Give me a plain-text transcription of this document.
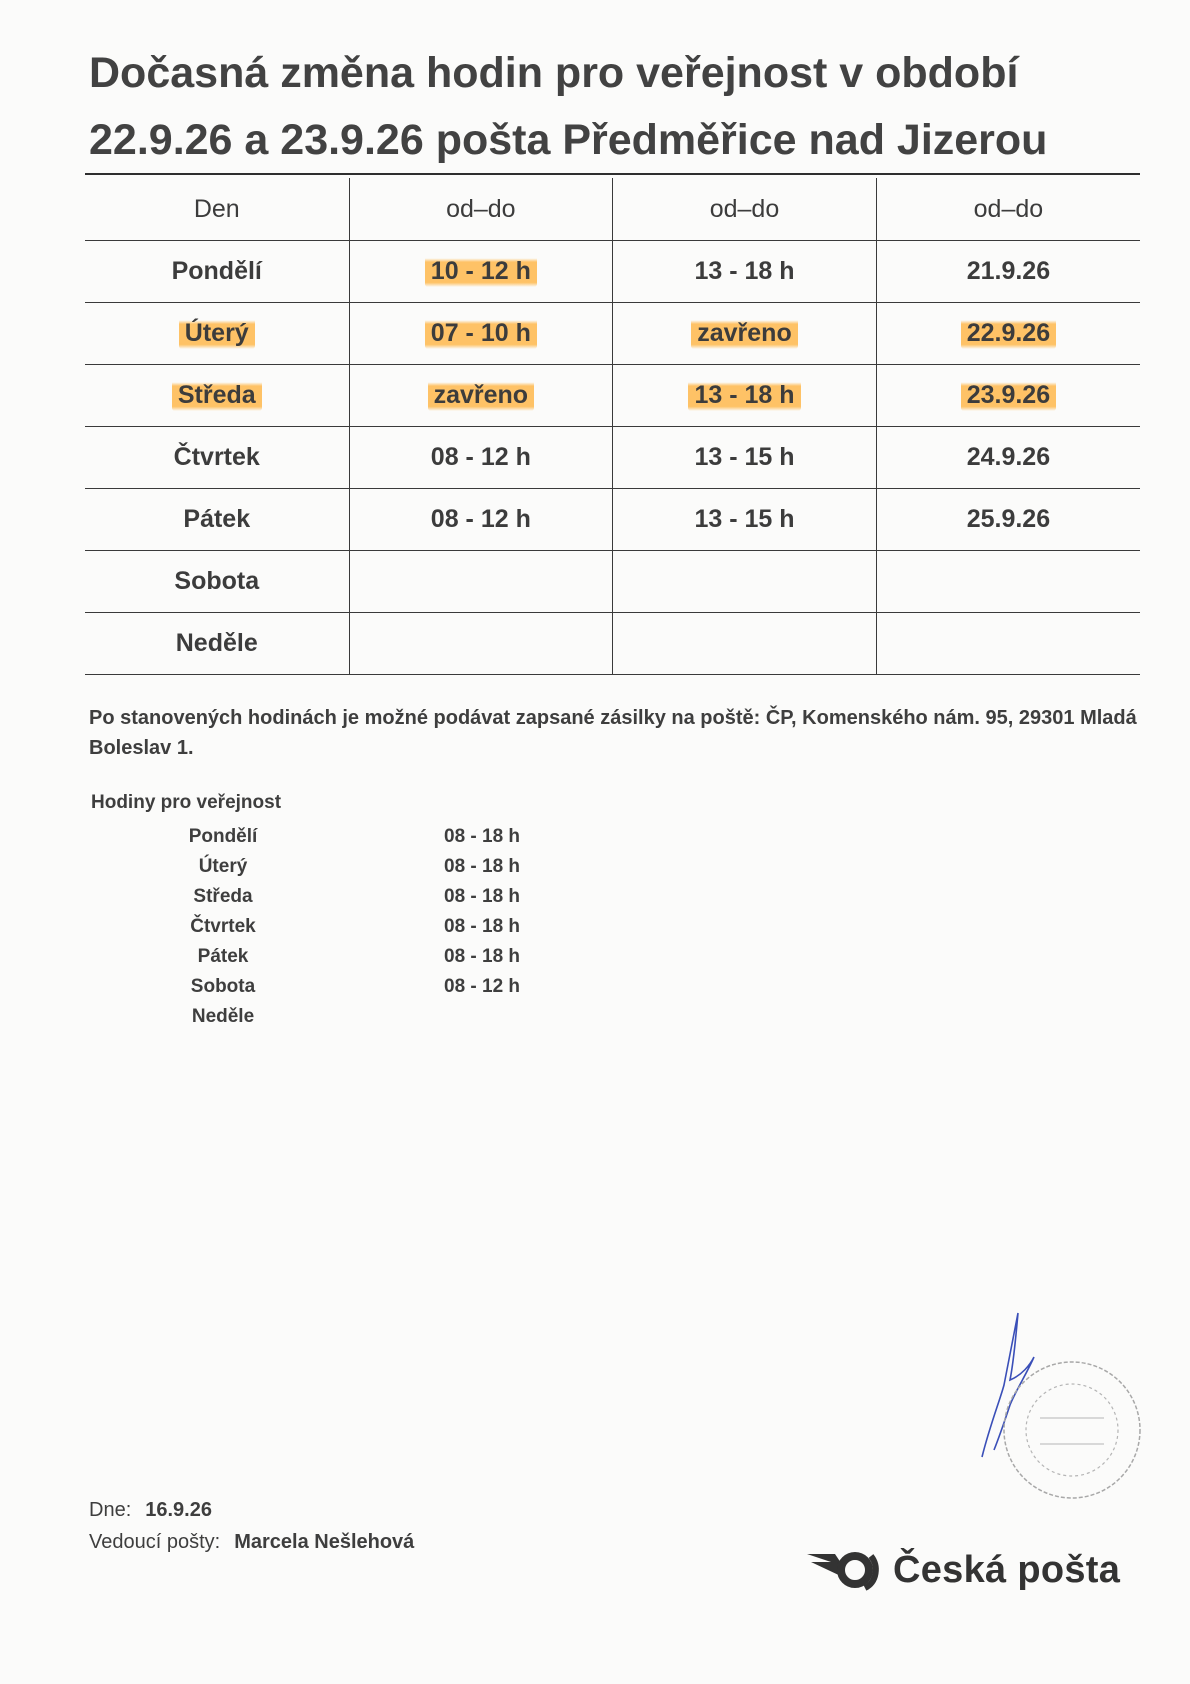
Dočasná změna hodin pro veřejnost v období 22.9.26 a 23.9.26 pošta Předměřice nad Jizerou
Den	od–do	od–do	od–do
Pondělí	10 - 12 h	13 - 18 h	21.9.26
Úterý	07 - 10 h	zavřeno	22.9.26
Středa	zavřeno	13 - 18 h	23.9.26
Čtvrtek	08 - 12 h	13 - 15 h	24.9.26
Pátek	08 - 12 h	13 - 15 h	25.9.26
Sobota			
Neděle			

Po stanovených hodinách je možné podávat zapsané zásilky na poště: ČP, Komenského nám. 95, 29301 Mladá Boleslav 1.

Hodiny pro veřejnost
Pondělí	08 - 18 h
Úterý	08 - 18 h
Středa	08 - 18 h
Čtvrtek	08 - 18 h
Pátek	08 - 18 h
Sobota	08 - 12 h
Neděle
Dne: 16.9.26
Vedoucí pošty: Marcela Nešlehová
Česká pošta
